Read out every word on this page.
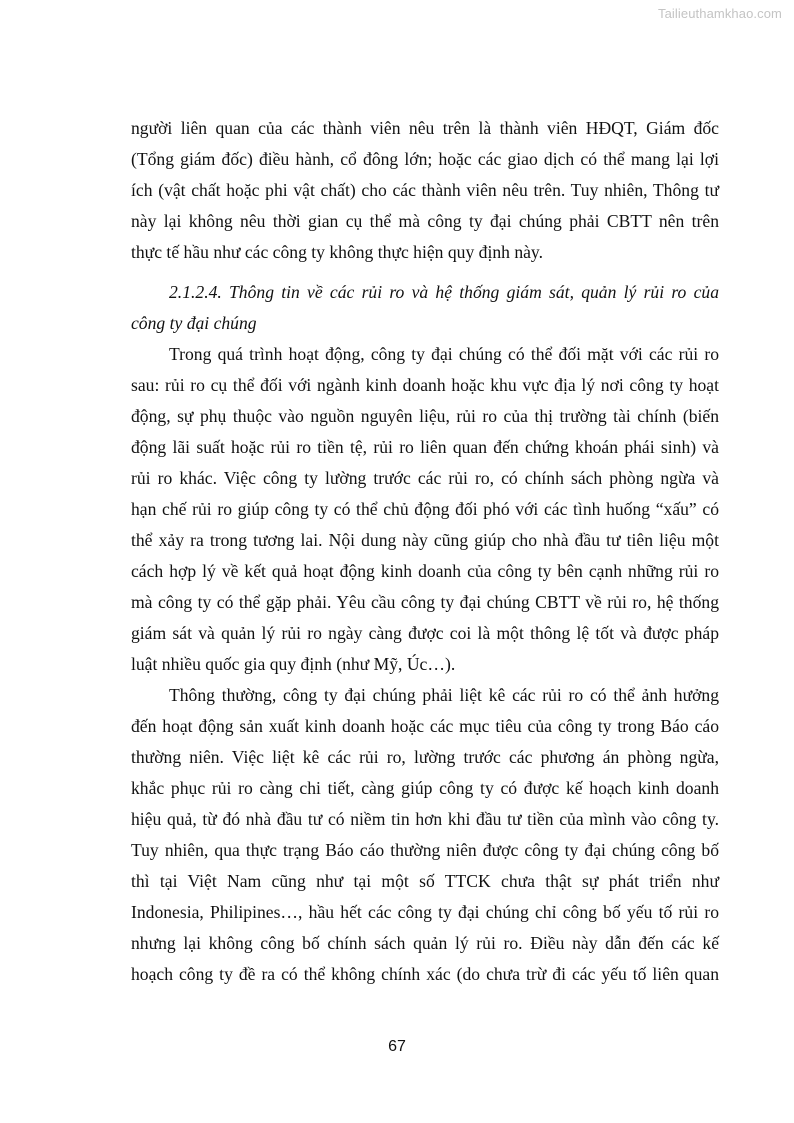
Tailieuthamkhao.com
người liên quan của các thành viên nêu trên là thành viên HĐQT, Giám đốc
(Tổng giám đốc) điều hành, cổ đông lớn; hoặc các giao dịch có thể mang lại lợi
ích (vật chất hoặc phi vật chất) cho các thành viên nêu trên. Tuy nhiên, Thông tư
này lại không nêu thời gian cụ thể mà công ty đại chúng phải CBTT nên trên
thực tế hầu như các công ty không thực hiện quy định này.
2.1.2.4. Thông tin về các rủi ro và hệ thống giám sát, quản lý rủi ro của
công ty đại chúng
Trong quá trình hoạt động, công ty đại chúng có thể đối mặt với các rủi ro
sau: rủi ro cụ thể đối với ngành kinh doanh hoặc khu vực địa lý nơi công ty hoạt
động, sự phụ thuộc vào nguồn nguyên liệu, rủi ro của thị trường tài chính (biến
động lãi suất hoặc rủi ro tiền tệ, rủi ro liên quan đến chứng khoán phái sinh) và
rủi ro khác. Việc công ty lường trước các rủi ro, có chính sách phòng ngừa và
hạn chế rủi ro giúp công ty có thể chủ động đối phó với các tình huống “xấu” có
thể xảy ra trong tương lai. Nội dung này cũng giúp cho nhà đầu tư tiên liệu một
cách hợp lý về kết quả hoạt động kinh doanh của công ty bên cạnh những rủi ro
mà công ty có thể gặp phải. Yêu cầu công ty đại chúng CBTT về rủi ro, hệ thống
giám sát và quản lý rủi ro ngày càng được coi là một thông lệ tốt và được pháp
luật nhiều quốc gia quy định (như Mỹ, Úc…).
Thông thường, công ty đại chúng phải liệt kê các rủi ro có thể ảnh hưởng
đến hoạt động sản xuất kinh doanh hoặc các mục tiêu của công ty trong Báo cáo
thường niên. Việc liệt kê các rủi ro, lường trước các phương án phòng ngừa,
khắc phục rủi ro càng chi tiết, càng giúp công ty có được kế hoạch kinh doanh
hiệu quả, từ đó nhà đầu tư có niềm tin hơn khi đầu tư tiền của mình vào công ty.
Tuy nhiên, qua thực trạng Báo cáo thường niên được công ty đại chúng công bố
thì tại Việt Nam cũng như tại một số TTCK chưa thật sự phát triển như
Indonesia, Philipines…, hầu hết các công ty đại chúng chỉ công bố yếu tố rủi ro
nhưng lại không công bố chính sách quản lý rủi ro. Điều này dẫn đến các kế
hoạch công ty đề ra có thể không chính xác (do chưa trừ đi các yếu tố liên quan
67
